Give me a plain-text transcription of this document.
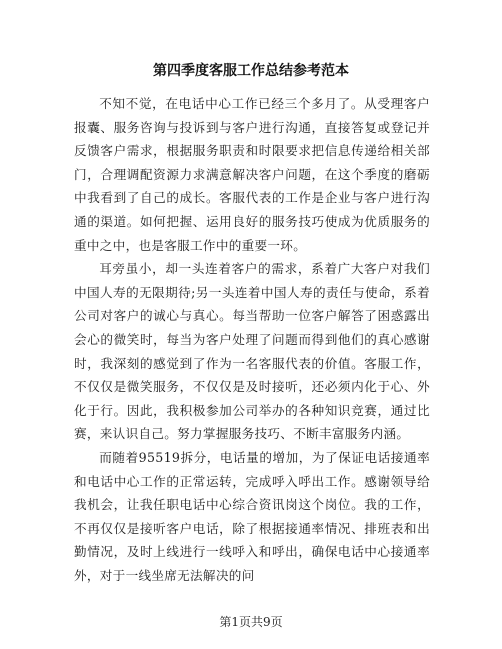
第四季度客服工作总结参考范本

不知不觉，在电话中心工作已经三个多月了。从受理客户报囊、服务咨询与投诉到与客户进行沟通，直接答复或登记并反馈客户需求，根据服务职责和时限要求把信息传递给相关部门，合理调配资源力求满意解决客户问题，在这个季度的磨砺中我看到了自己的成长。客服代表的工作是企业与客户进行沟通的渠道。如何把握、运用良好的服务技巧使成为优质服务的重中之中，也是客服工作中的重要一环。

耳旁虽小，却一头连着客户的需求，系着广大客户对我们中国人寿的无限期待;另一头连着中国人寿的责任与使命，系着公司对客户的诚心与真心。每当帮助一位客户解答了困惑露出会心的微笑时，每当为客户处理了问题而得到他们的真心感谢时，我深刻的感觉到了作为一名客服代表的价值。客服工作，不仅仅是微笑服务，不仅仅是及时接听，还必须内化于心、外化于行。因此，我积极参加公司举办的各种知识竞赛，通过比赛，来认识自己。努力掌握服务技巧、不断丰富服务内涵。

而随着95519拆分，电话量的增加，为了保证电话接通率和电话中心工作的正常运转，完成呼入呼出工作。感谢领导给我机会，让我任职电话中心综合资讯岗这个岗位。我的工作，不再仅仅是接听客户电话，除了根据接通率情况、排班表和出勤情况，及时上线进行一线呼入和呼出，确保电话中心接通率外，对于一线坐席无法解决的问

第1页共9页
